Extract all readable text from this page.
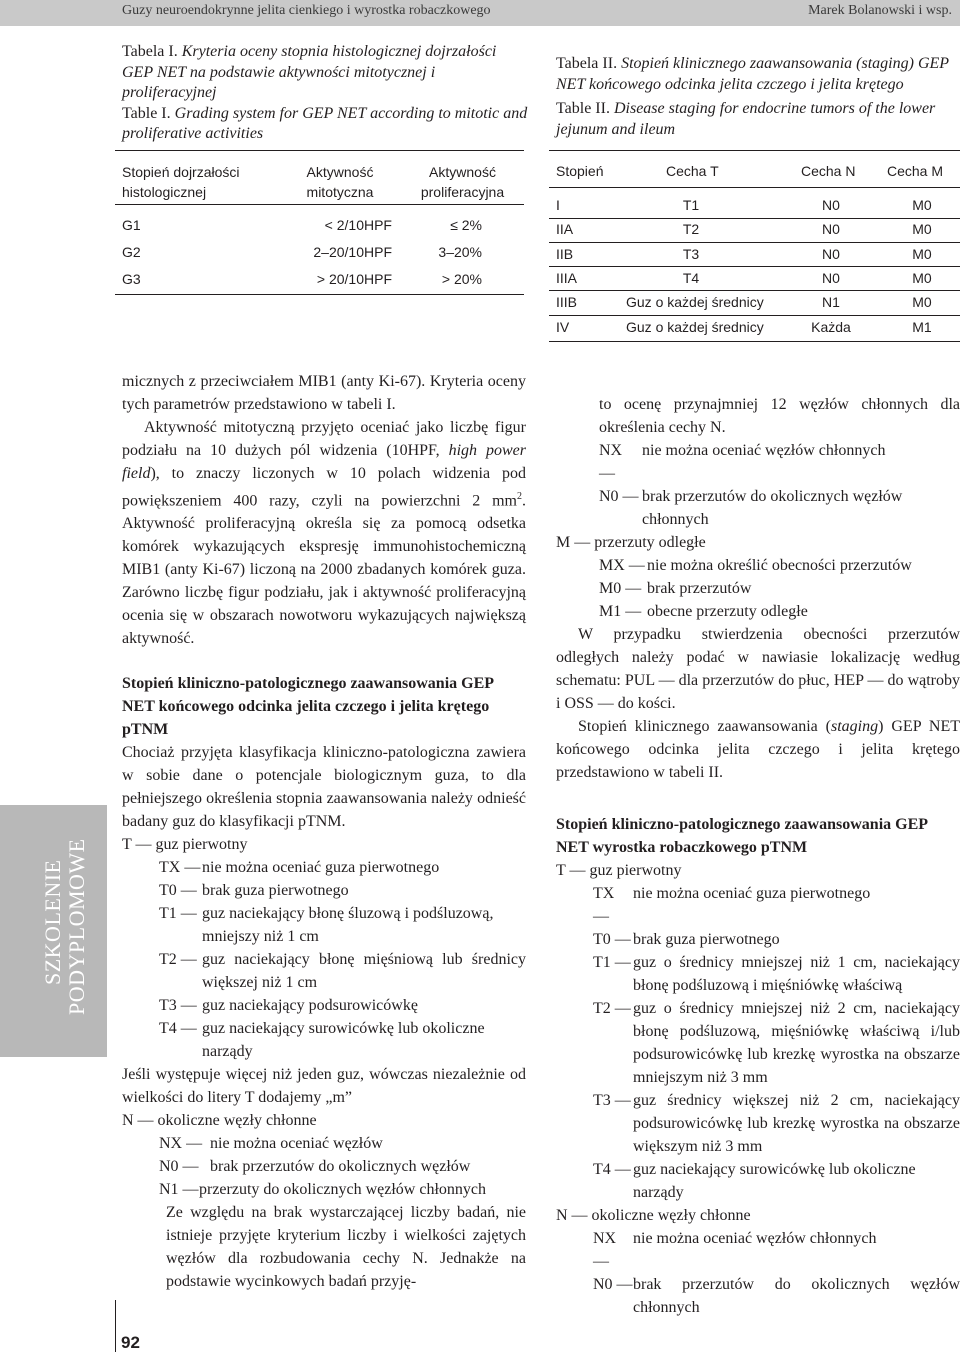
Guzy neuroendokrynne jelita cienkiego i wyrostka robaczkowego	Marek Bolanowski i wsp.
Tabela I. Kryteria oceny stopnia histologicznej dojrzałości GEP NET na podstawie aktywności mitotycznej i proliferacyjnej
Table I. Grading system for GEP NET according to mitotic and proliferative activities
Stopień dojrzałości histologicznej
Aktywność mitotyczna
Aktywność proliferacyjna
G1	< 2/10HPF	≤ 2%
G2	2–20/10HPF	3–20%
G3	> 20/10HPF	> 20%
Tabela II. Stopień klinicznego zaawansowania (staging) GEP NET końcowego odcinka jelita czczego i jelita krętego
Table II. Disease staging for endocrine tumors of the lower jejunum and ileum
Stopień	Cecha T	Cecha N Cecha M
I	T1	N0	M0
IIA	T2	N0	M0
IIB	T3	N0	M0
IIIA	T4	N0	M0
IIIB	Guz o każdej średnicy	N1	M0
IV	Guz o każdej średnicy	Każda	M1

micznych z przeciwciałem MIB1 (anty Ki-67). Kryteria oceny tych parametrów przedstawiono w tabeli I.

Aktywność mitotyczną przyjęto oceniać jako liczbę figur podziału na 10 dużych pól widzenia (10HPF, high power field), to znaczy liczonych w 10 polach widzenia pod powiększeniem 400 razy, czyli na powierzchni 2 $mm^2$. Aktywność proliferacyjną określa się za pomocą odsetka komórek wykazujących ekspresję immunohistochemiczną MIB1 (anty Ki-67) liczoną na 2000 zbadanych komórek guza. Zarówno liczbę figur podziału, jak i aktywność proliferacyjną ocenia się w obszarach nowotworu wykazujących największą aktywność.

Stopień kliniczno-patologicznego zaawansowania GEP NET końcowego odcinka jelita czczego i jelita krętego pTNM

Chociaż przyjęta klasyfikacja kliniczno-patologiczna zawiera w sobie dane o potencjale biologicznym guza, to dla pełniejszego określenia stopnia zaawansowania należy odnieść badany guz do klasyfikacji pTNM.

T — guz pierwotny

TX — nie można oceniać guza pierwotnego
T0 — brak guza pierwotnego
T1 — guz naciekający błonę śluzową i podśluzową, mniejszy niż 1 cm
T2 — guz naciekający błonę mięśniową lub średnicy większej niż 1 cm
T3 — guz naciekający podsurowicówkę
T4 — guz naciekający surowicówkę lub okoliczne narządy

Jeśli występuje więcej niż jeden guz, wówczas niezależnie od wielkości do litery T dodajemy „m”

N — okoliczne węzły chłonne

NX — nie można oceniać węzłów
N0 — brak przerzutów do okolicznych węzłów
N1 — przerzuty do okolicznych węzłów chłonnych

Ze względu na brak wystarczającej liczby badań, nie istnieje przyjęte kryterium liczby i wielkości zajętych węzłów dla rozbudowania cechy N. Jednakże na podstawie wycinkowych badań przyję-

to ocenę przynajmniej 12 węzłów chłonnych dla określenia cechy N.

NX —
nie można oceniać węzłów chłonnych
N0 — brak przerzutów do okolicznych węzłów chłonnych

M — przerzuty odległe

MX — nie można określić obecności przerzutów
M0 — brak przerzutów
M1 — obecne przerzuty odległe

W przypadku stwierdzenia obecności przerzutów odległych należy podać w nawiasie lokalizację według schematu: PUL — dla przerzutów do płuc, HEP — do wątroby i OSS — do kości.

Stopień klinicznego zaawansowania (staging) GEP NET końcowego odcinka jelita czczego i jelita krętego przedstawiono w tabeli II.

Stopień kliniczno-patologicznego zaawansowania GEP NET wyrostka robaczkowego pTNM

T — guz pierwotny

TX —
nie można oceniać guza pierwotnego
T0 — brak guza pierwotnego
T1 — guz o średnicy mniejszej niż 1 cm, naciekający błonę podśluzową i mięśniówkę właściwą
T2 — guz o średnicy mniejszej niż 2 cm, naciekający błonę podśluzową, mięśniówkę właściwą i/lub podsurowicówkę lub krezkę wyrostka na obszarze mniejszym niż 3 mm
T3 — guz średnicy większej niż 2 cm, naciekający podsurowicówkę lub krezkę wyrostka na obszarze większym niż 3 mm
T4 — guz naciekający surowicówkę lub okoliczne narządy

N — okoliczne węzły chłonne

NX —
nie można oceniać węzłów chłonnych
N0 — brak przerzutów do okolicznych węzłów chłonnych
SZKOLENIE PODYPLOMOWE
92
